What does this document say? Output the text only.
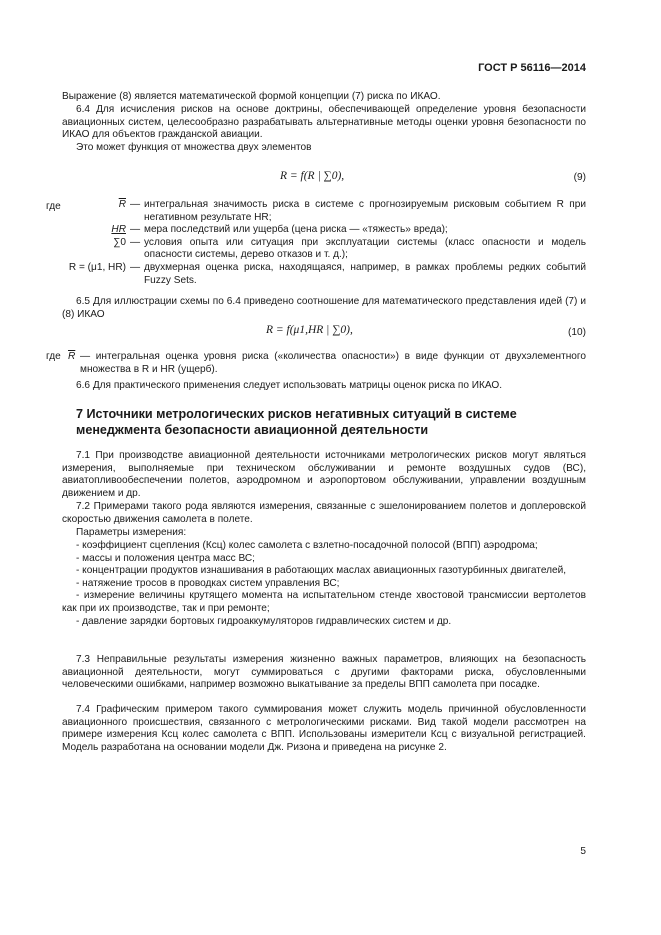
ГОСТ Р 56116—2014
Выражение (8) является математической формой концепции (7) риска по ИКАО.
6.4 Для исчисления рисков на основе доктрины, обеспечивающей определение уровня безопасности авиационных систем, целесообразно разрабатывать альтернативные методы оценки уровня безопасности по ИКАО для объектов гражданской авиации.
Это может функция от множества двух элементов
R = f(R | ∑0),	(9)
где	$\overline{R}$	—	интегральная значимость риска в системе с прогнозируемым рисковым событием R при негативном результате HR;
HR	—	мера последствий или ущерба (цена риска — «тяжесть» вреда);
∑0	—	условия опыта или ситуация при эксплуатации системы (класс опасности и модель опасности системы, дерево отказов и т. д.);
R = (μ1, HR)	—	двухмерная оценка риска, находящаяся, например, в рамках проблемы редких событий Fuzzy Sets.
6.5 Для иллюстрации схемы по 6.4 приведено соотношение для математического представления идей (7) и (8) ИКАО
R = f(μ1,HR | ∑0),	(10)
где $\overline{R}$ — интегральная оценка уровня риска («количества опасности») в виде функции от двухэлементного множества в R и HR (ущерб).
6.6 Для практического применения следует использовать матрицы оценок риска по ИКАО.
7 Источники метрологических рисков негативных ситуаций в системе
менеджмента безопасности авиационной деятельности
7.1 При производстве авиационной деятельности источниками метрологических рисков могут являться измерения, выполняемые при техническом обслуживании и ремонте воздушных судов (ВС), авиатопливообеспечении полетов, аэродромном и аэропортовом обслуживании, управлении воздушным движением и др.
7.2 Примерами такого рода являются измерения, связанные с эшелонированием полетов и доплеровской скоростью движения самолета в полете.
Параметры измерения:
- коэффициент сцепления (Ксц) колес самолета с взлетно-посадочной полосой (ВПП) аэродрома;
- массы и положения центра масс ВС;
- концентрации продуктов изнашивания в работающих маслах авиационных газотурбинных двигателей,
- натяжение тросов в проводках систем управления ВС;
- измерение величины крутящего момента на испытательном стенде хвостовой трансмиссии вертолетов как при их производстве, так и при ремонте;
- давление зарядки бортовых гидроаккумуляторов гидравлических систем и др.
7.3 Неправильные результаты измерения жизненно важных параметров, влияющих на безопасность авиационной деятельности, могут суммироваться с другими факторами риска, обусловленными человеческими ошибками, например возможно выкатывание за пределы ВПП самолета при посадке.
7.4 Графическим примером такого суммирования может служить модель причинной обусловленности авиационного происшествия, связанного с метрологическими рисками. Вид такой модели рассмотрен на примере измерения Ксц колес самолета с ВПП. Использованы измерители Ксц с визуальной регистрацией. Модель разработана на основании модели Дж. Ризона и приведена на рисунке 2.
5
